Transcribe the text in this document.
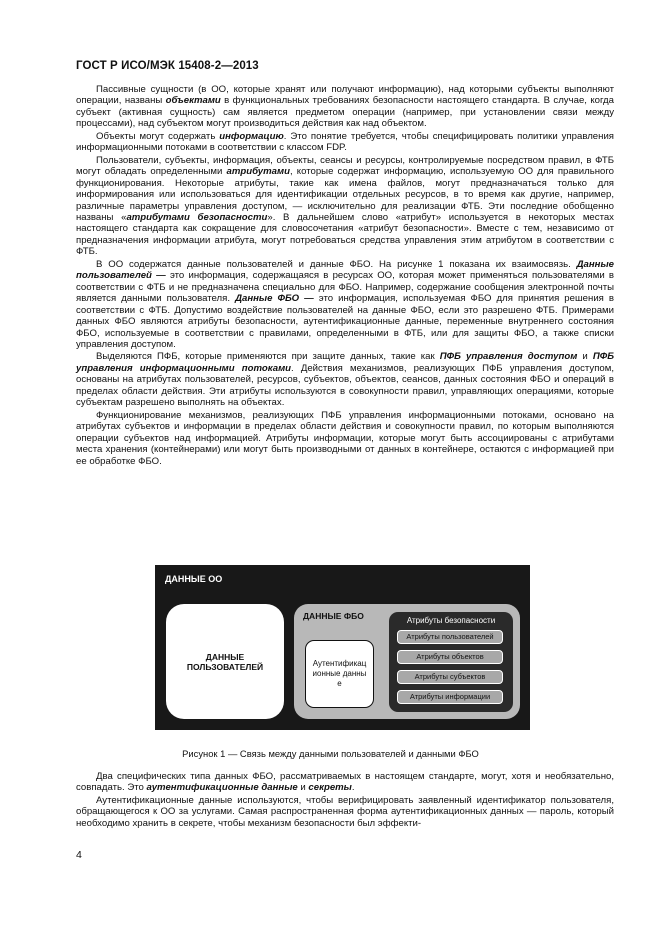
ГОСТ Р ИСО/МЭК 15408-2—2013

Пассивные сущности (в ОО, которые хранят или получают информацию), над которыми субъекты выполняют операции, названы объектами в функциональных требованиях безопасности настоящего стандарта. В случае, когда субъект (активная сущность) сам является предметом операции (например, при установлении связи между процессами), над субъектом могут производиться действия как над объектом.

Объекты могут содержать информацию. Это понятие требуется, чтобы специфицировать политики управления информационными потоками в соответствии с классом FDP.

Пользователи, субъекты, информация, объекты, сеансы и ресурсы, контролируемые посредством правил, в ФТБ могут обладать определенными атрибутами, которые содержат информацию, используемую ОО для правильного функционирования. Некоторые атрибуты, такие как имена файлов, могут предназначаться только для информирования или использоваться для идентификации отдельных ресурсов, в то время как другие, например, различные параметры управления доступом, — исключительно для реализации ФТБ. Эти последние обобщенно названы «атрибутами безопасности». В дальнейшем слово «атрибут» используется в некоторых местах настоящего стандарта как сокращение для словосочетания «атрибут безопасности». Вместе с тем, независимо от предназначения информации атрибута, могут потребоваться средства управления этим атрибутом в соответствии с ФТБ.

В ОО содержатся данные пользователей и данные ФБО. На рисунке 1 показана их взаимосвязь. Данные пользователей — это информация, содержащаяся в ресурсах ОО, которая может применяться пользователями в соответствии с ФТБ и не предназначена специально для ФБО. Например, содержание сообщения электронной почты является данными пользователя. Данные ФБО — это информация, используемая ФБО для принятия решения в соответствии с ФТБ. Допустимо воздействие пользователей на данные ФБО, если это разрешено ФТБ. Примерами данных ФБО являются атрибуты безопасности, аутентификационные данные, переменные внутреннего состояния ФБО, используемые в соответствии с правилами, определенными в ФТБ, или для защиты ФБО, а также списки управления доступом.

Выделяются ПФБ, которые применяются при защите данных, такие как ПФБ управления доступом и ПФБ управления информационными потоками. Действия механизмов, реализующих ПФБ управления доступом, основаны на атрибутах пользователей, ресурсов, субъектов, объектов, сеансов, данных состояния ФБО и операций в пределах области действия. Эти атрибуты используются в совокупности правил, управляющих операциями, которые субъектам разрешено выполнять на объектах.

Функционирование механизмов, реализующих ПФБ управления информационными потоками, основано на атрибутах субъектов и информации в пределах области действия и совокупности правил, по которым выполняются операции субъектов над информацией. Атрибуты информации, которые могут быть ассоциированы с атрибутами места хранения (контейнерами) или могут быть производными от данных в контейнере, остаются с информацией при ее обработке ФБО.

ДАННЫЕ ОО
ДАННЫЕ ПОЛЬЗОВАТЕЛЕЙ
ДАННЫЕ ФБО
Аутентификационные данные
Атрибуты безопасности
Атрибуты пользователей
Атрибуты объектов
Атрибуты субъектов
Атрибуты информации
Рисунок 1 — Связь между данными пользователей и данными ФБО

Два специфических типа данных ФБО, рассматриваемых в настоящем стандарте, могут, хотя и необязательно, совпадать. Это аутентификационные данные и секреты.

Аутентификационные данные используются, чтобы верифицировать заявленный идентификатор пользователя, обращающегося к ОО за услугами. Самая распространенная форма аутентификационных данных — пароль, который необходимо хранить в секрете, чтобы механизм безопасности был эффекти-

4
